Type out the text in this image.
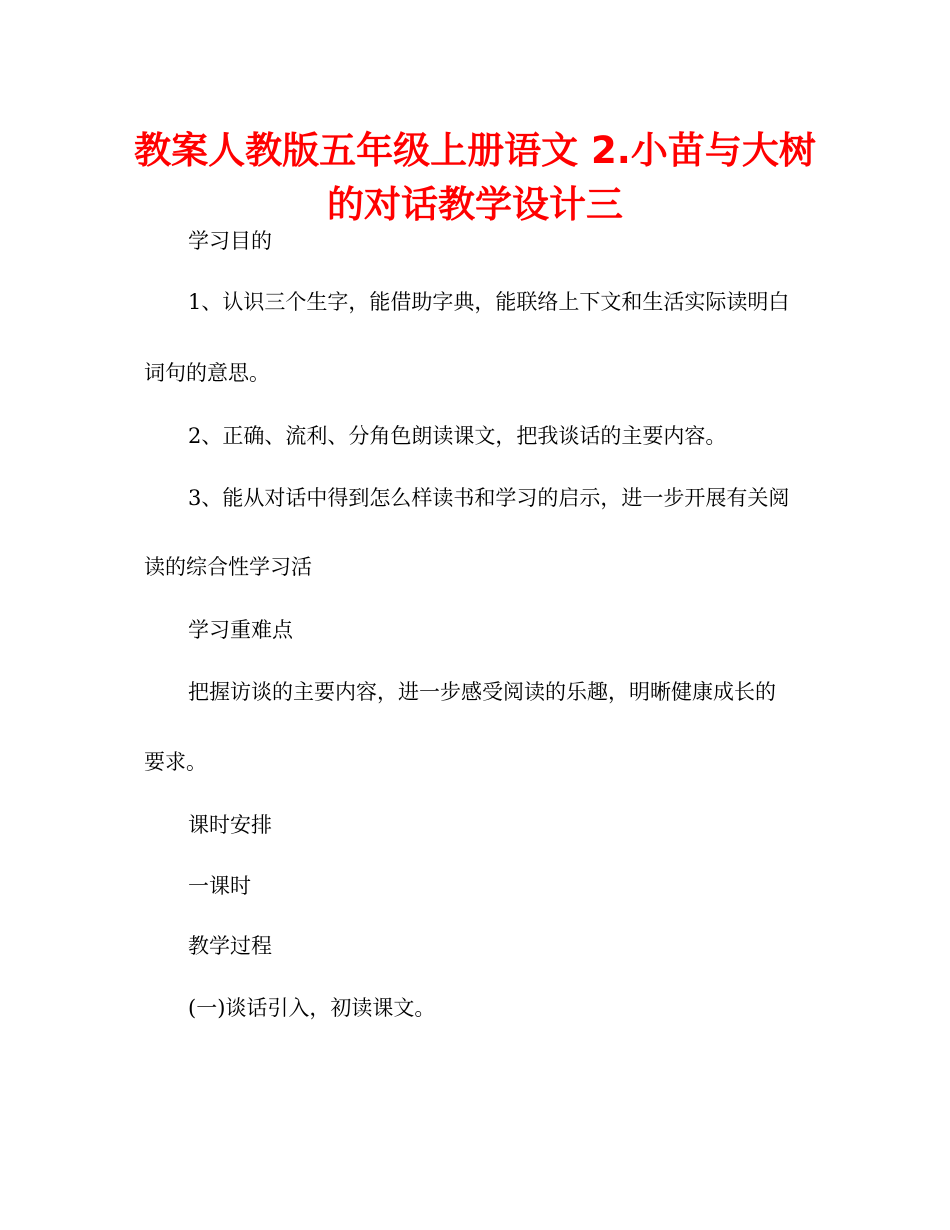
教案人教版五年级上册语文 2.小苗与大树
的对话教学设计三

学习目的

1、认识三个生字，能借助字典，能联络上下文和生活实际读明白

词句的意思。

2、正确、流利、分角色朗读课文，把我谈话的主要内容。

3、能从对话中得到怎么样读书和学习的启示，进一步开展有关阅

读的综合性学习活

学习重难点

把握访谈的主要内容，进一步感受阅读的乐趣，明晰健康成长的

要求。

课时安排

一课时

教学过程

(一)谈话引入，初读课文。
